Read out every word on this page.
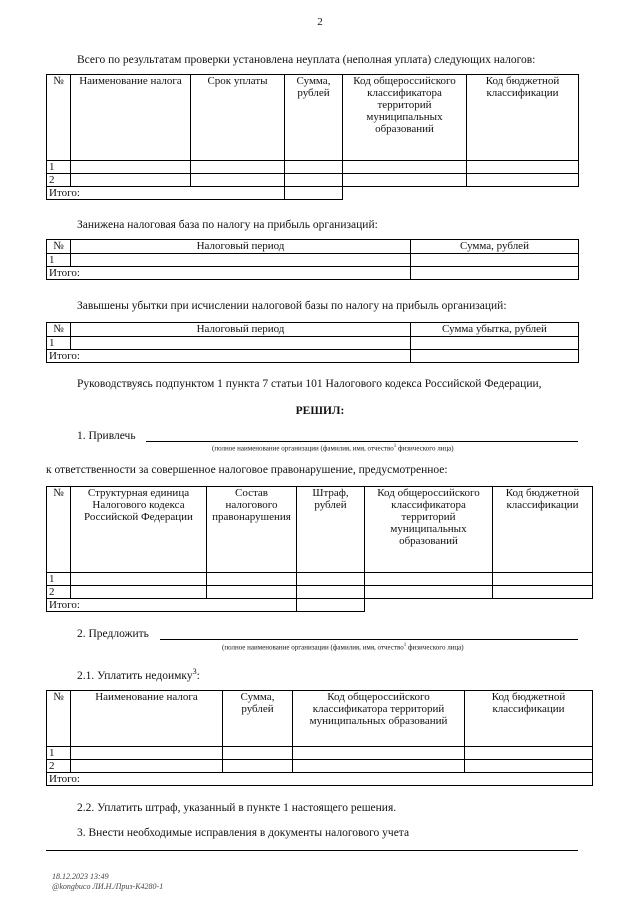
2
Всего по результатам проверки установлена неуплата (неполная уплата) следующих налогов:
№	Наименование налога	Срок уплаты	Сумма, рублей	Код общероссийского классификатора территорий муниципальных образований	Код бюджетной классификации
1					
2					
Итого:					
Занижена налоговая база по налогу на прибыль организаций:
№	Налоговый период	Сумма, рублей
1		
Итого:		
Завышены убытки при исчислении налоговой базы по налогу на прибыль организаций:
№	Налоговый период	Сумма убытка, рублей
1		
Итого:		
Руководствуясь подпунктом 1 пункта 7 статьи 101 Налогового кодекса Российской Федерации,
РЕШИЛ:
1. Привлечь
(полное наименование организации (фамилия, имя, отчество$^1$ физического лица)
к ответственности за совершенное налоговое правонарушение, предусмотренное:
№	Структурная единица Налогового кодекса Российской Федерации	Состав налогового правонарушения	Штраф, рублей	Код общероссийского классификатора территорий муниципальных образований	Код бюджетной классификации
1					
2					
Итого:					
2. Предложить
(полное наименование организации (фамилия, имя, отчество$^1$ физического лица)
2.1. Уплатить недоимку$^3$:
№	Наименование налога	Сумма, рублей	Код общероссийского классификатора территорий муниципальных образований	Код бюджетной классификации
1				
2				
Итого:				
2.2. Уплатить штраф, указанный в пункте 1 настоящего решения.
3. Внести необходимые исправления в документы налогового учета
18.12.2023 13:49
@kongbuco ЛИ.Н./Приз-К4280-1
